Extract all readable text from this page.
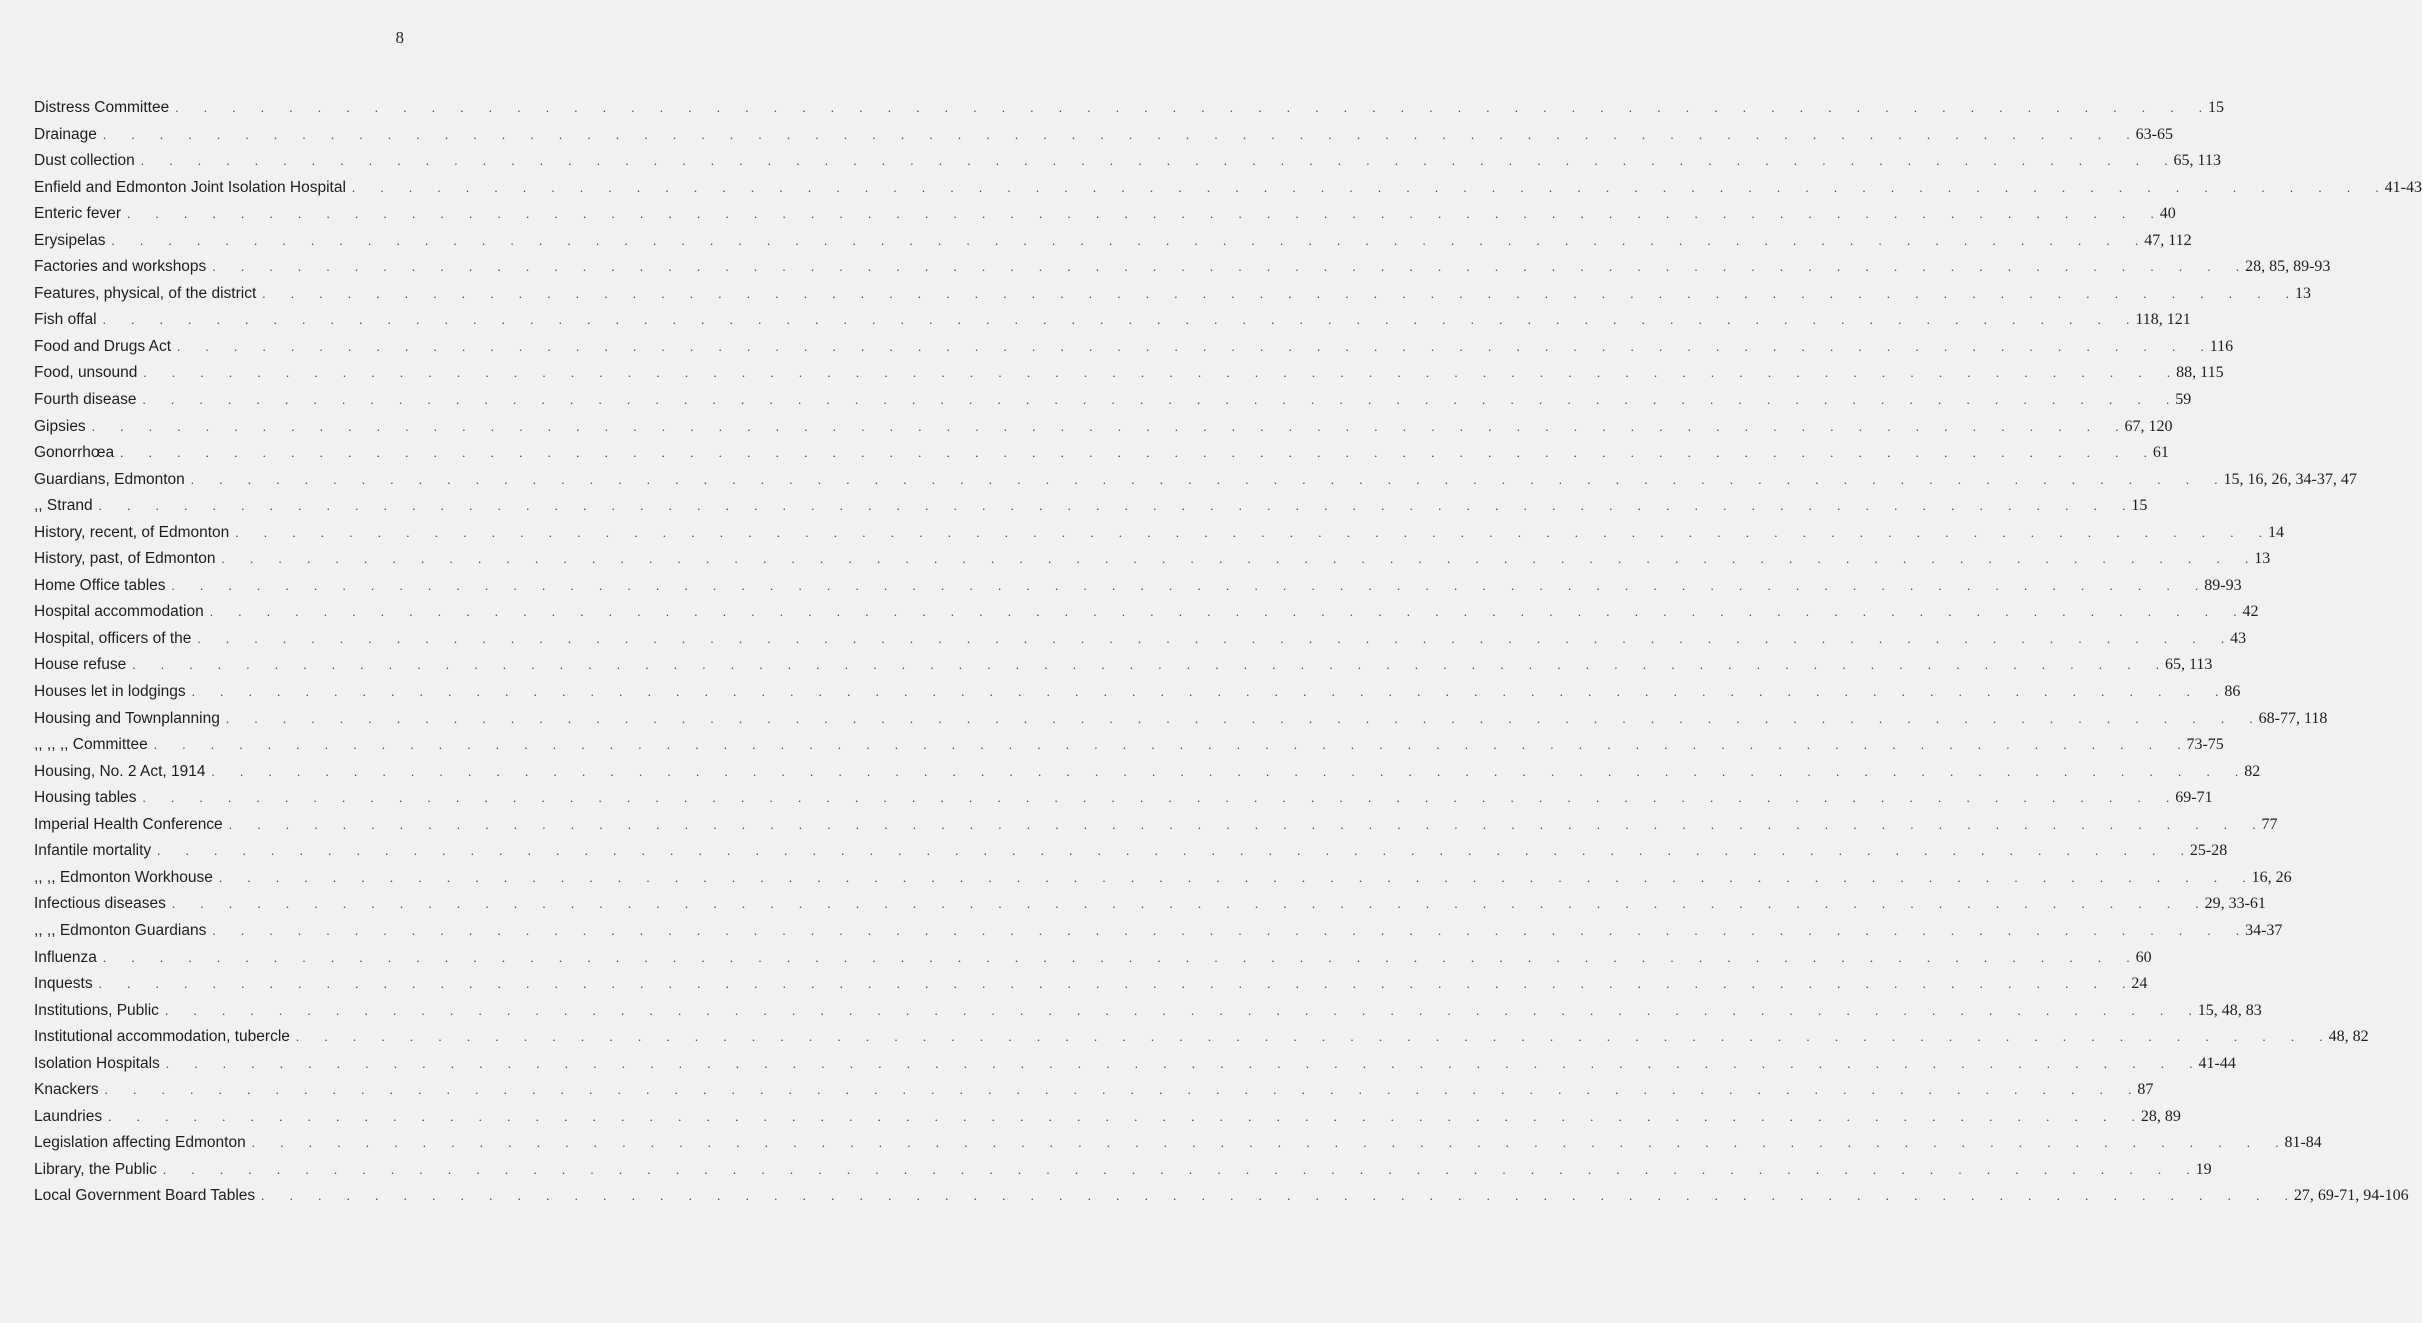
8
Distress Committee . . . . . . . . . . . . . . . . . . . . . . . . . . . . . . . . . . . . . . . . . . . . . . . . . . . . . . . . . . . . . . . . . . . . . . . . 15
Drainage . . . . . . . . . . . . . . . . . . . . . . . . . . . . . . . . . . . . . . . . . . . . . . . . . . . . . . . . . . . . . . . . . . . . . . . . 63-65
Dust collection . . . . . . . . . . . . . . . . . . . . . . . . . . . . . . . . . . . . . . . . . . . . . . . . . . . . . . . . . . . . . . . . . . . . . . . . 65, 113
Enfield and Edmonton Joint Isolation Hospital . . . . . . . . . . . . . . . . . . . . . . . . . . . . . . . . . . . . . . . . . . . . . . . . . . . . . . . . . . . . . . . . . . . . . . . . 41-43
Enteric fever . . . . . . . . . . . . . . . . . . . . . . . . . . . . . . . . . . . . . . . . . . . . . . . . . . . . . . . . . . . . . . . . . . . . . . . . 40
Erysipelas . . . . . . . . . . . . . . . . . . . . . . . . . . . . . . . . . . . . . . . . . . . . . . . . . . . . . . . . . . . . . . . . . . . . . . . . 47, 112
Factories and workshops . . . . . . . . . . . . . . . . . . . . . . . . . . . . . . . . . . . . . . . . . . . . . . . . . . . . . . . . . . . . . . . . . . . . . . . . 28, 85, 89-93
Features, physical, of the district . . . . . . . . . . . . . . . . . . . . . . . . . . . . . . . . . . . . . . . . . . . . . . . . . . . . . . . . . . . . . . . . . . . . . . . . 13
Fish offal . . . . . . . . . . . . . . . . . . . . . . . . . . . . . . . . . . . . . . . . . . . . . . . . . . . . . . . . . . . . . . . . . . . . . . . . 118, 121
Food and Drugs Act . . . . . . . . . . . . . . . . . . . . . . . . . . . . . . . . . . . . . . . . . . . . . . . . . . . . . . . . . . . . . . . . . . . . . . . . 116
Food, unsound . . . . . . . . . . . . . . . . . . . . . . . . . . . . . . . . . . . . . . . . . . . . . . . . . . . . . . . . . . . . . . . . . . . . . . . . 88, 115
Fourth disease . . . . . . . . . . . . . . . . . . . . . . . . . . . . . . . . . . . . . . . . . . . . . . . . . . . . . . . . . . . . . . . . . . . . . . . . 59
Gipsies . . . . . . . . . . . . . . . . . . . . . . . . . . . . . . . . . . . . . . . . . . . . . . . . . . . . . . . . . . . . . . . . . . . . . . . . 67, 120
Gonorrhœa . . . . . . . . . . . . . . . . . . . . . . . . . . . . . . . . . . . . . . . . . . . . . . . . . . . . . . . . . . . . . . . . . . . . . . . . 61
Guardians, Edmonton . . . . . . . . . . . . . . . . . . . . . . . . . . . . . . . . . . . . . . . . . . . . . . . . . . . . . . . . . . . . . . . . . . . . . . . . 15, 16, 26, 34-37, 47
,, Strand . . . . . . . . . . . . . . . . . . . . . . . . . . . . . . . . . . . . . . . . . . . . . . . . . . . . . . . . . . . . . . . . . . . . . . . . 15
History, recent, of Edmonton . . . . . . . . . . . . . . . . . . . . . . . . . . . . . . . . . . . . . . . . . . . . . . . . . . . . . . . . . . . . . . . . . . . . . . . . 14
History, past, of Edmonton . . . . . . . . . . . . . . . . . . . . . . . . . . . . . . . . . . . . . . . . . . . . . . . . . . . . . . . . . . . . . . . . . . . . . . . . 13
Home Office tables . . . . . . . . . . . . . . . . . . . . . . . . . . . . . . . . . . . . . . . . . . . . . . . . . . . . . . . . . . . . . . . . . . . . . . . . 89-93
Hospital accommodation . . . . . . . . . . . . . . . . . . . . . . . . . . . . . . . . . . . . . . . . . . . . . . . . . . . . . . . . . . . . . . . . . . . . . . . . 42
Hospital, officers of the . . . . . . . . . . . . . . . . . . . . . . . . . . . . . . . . . . . . . . . . . . . . . . . . . . . . . . . . . . . . . . . . . . . . . . . . 43
House refuse . . . . . . . . . . . . . . . . . . . . . . . . . . . . . . . . . . . . . . . . . . . . . . . . . . . . . . . . . . . . . . . . . . . . . . . . 65, 113
Houses let in lodgings . . . . . . . . . . . . . . . . . . . . . . . . . . . . . . . . . . . . . . . . . . . . . . . . . . . . . . . . . . . . . . . . . . . . . . . . 86
Housing and Townplanning . . . . . . . . . . . . . . . . . . . . . . . . . . . . . . . . . . . . . . . . . . . . . . . . . . . . . . . . . . . . . . . . . . . . . . . . 68-77, 118
,, ,, ,, Committee . . . . . . . . . . . . . . . . . . . . . . . . . . . . . . . . . . . . . . . . . . . . . . . . . . . . . . . . . . . . . . . . . . . . . . . . 73-75
Housing, No. 2 Act, 1914 . . . . . . . . . . . . . . . . . . . . . . . . . . . . . . . . . . . . . . . . . . . . . . . . . . . . . . . . . . . . . . . . . . . . . . . . 82
Housing tables . . . . . . . . . . . . . . . . . . . . . . . . . . . . . . . . . . . . . . . . . . . . . . . . . . . . . . . . . . . . . . . . . . . . . . . . 69-71
Imperial Health Conference . . . . . . . . . . . . . . . . . . . . . . . . . . . . . . . . . . . . . . . . . . . . . . . . . . . . . . . . . . . . . . . . . . . . . . . . 77
Infantile mortality . . . . . . . . . . . . . . . . . . . . . . . . . . . . . . . . . . . . . . . . . . . . . . . . . . . . . . . . . . . . . . . . . . . . . . . . 25-28
,, ,, Edmonton Workhouse . . . . . . . . . . . . . . . . . . . . . . . . . . . . . . . . . . . . . . . . . . . . . . . . . . . . . . . . . . . . . . . . . . . . . . . . 16, 26
Infectious diseases . . . . . . . . . . . . . . . . . . . . . . . . . . . . . . . . . . . . . . . . . . . . . . . . . . . . . . . . . . . . . . . . . . . . . . . . 29, 33-61
,, ,, Edmonton Guardians . . . . . . . . . . . . . . . . . . . . . . . . . . . . . . . . . . . . . . . . . . . . . . . . . . . . . . . . . . . . . . . . . . . . . . . . 34-37
Influenza . . . . . . . . . . . . . . . . . . . . . . . . . . . . . . . . . . . . . . . . . . . . . . . . . . . . . . . . . . . . . . . . . . . . . . . . 60
Inquests . . . . . . . . . . . . . . . . . . . . . . . . . . . . . . . . . . . . . . . . . . . . . . . . . . . . . . . . . . . . . . . . . . . . . . . . 24
Institutions, Public . . . . . . . . . . . . . . . . . . . . . . . . . . . . . . . . . . . . . . . . . . . . . . . . . . . . . . . . . . . . . . . . . . . . . . . . 15, 48, 83
Institutional accommodation, tubercle . . . . . . . . . . . . . . . . . . . . . . . . . . . . . . . . . . . . . . . . . . . . . . . . . . . . . . . . . . . . . . . . . . . . . . . . 48, 82
Isolation Hospitals . . . . . . . . . . . . . . . . . . . . . . . . . . . . . . . . . . . . . . . . . . . . . . . . . . . . . . . . . . . . . . . . . . . . . . . . 41-44
Knackers . . . . . . . . . . . . . . . . . . . . . . . . . . . . . . . . . . . . . . . . . . . . . . . . . . . . . . . . . . . . . . . . . . . . . . . . 87
Laundries . . . . . . . . . . . . . . . . . . . . . . . . . . . . . . . . . . . . . . . . . . . . . . . . . . . . . . . . . . . . . . . . . . . . . . . . 28, 89
Legislation affecting Edmonton . . . . . . . . . . . . . . . . . . . . . . . . . . . . . . . . . . . . . . . . . . . . . . . . . . . . . . . . . . . . . . . . . . . . . . . . 81-84
Library, the Public . . . . . . . . . . . . . . . . . . . . . . . . . . . . . . . . . . . . . . . . . . . . . . . . . . . . . . . . . . . . . . . . . . . . . . . . 19
Local Government Board Tables . . . . . . . . . . . . . . . . . . . . . . . . . . . . . . . . . . . . . . . . . . . . . . . . . . . . . . . . . . . . . . . . . . . . . . . . 27, 69-71, 94-106
